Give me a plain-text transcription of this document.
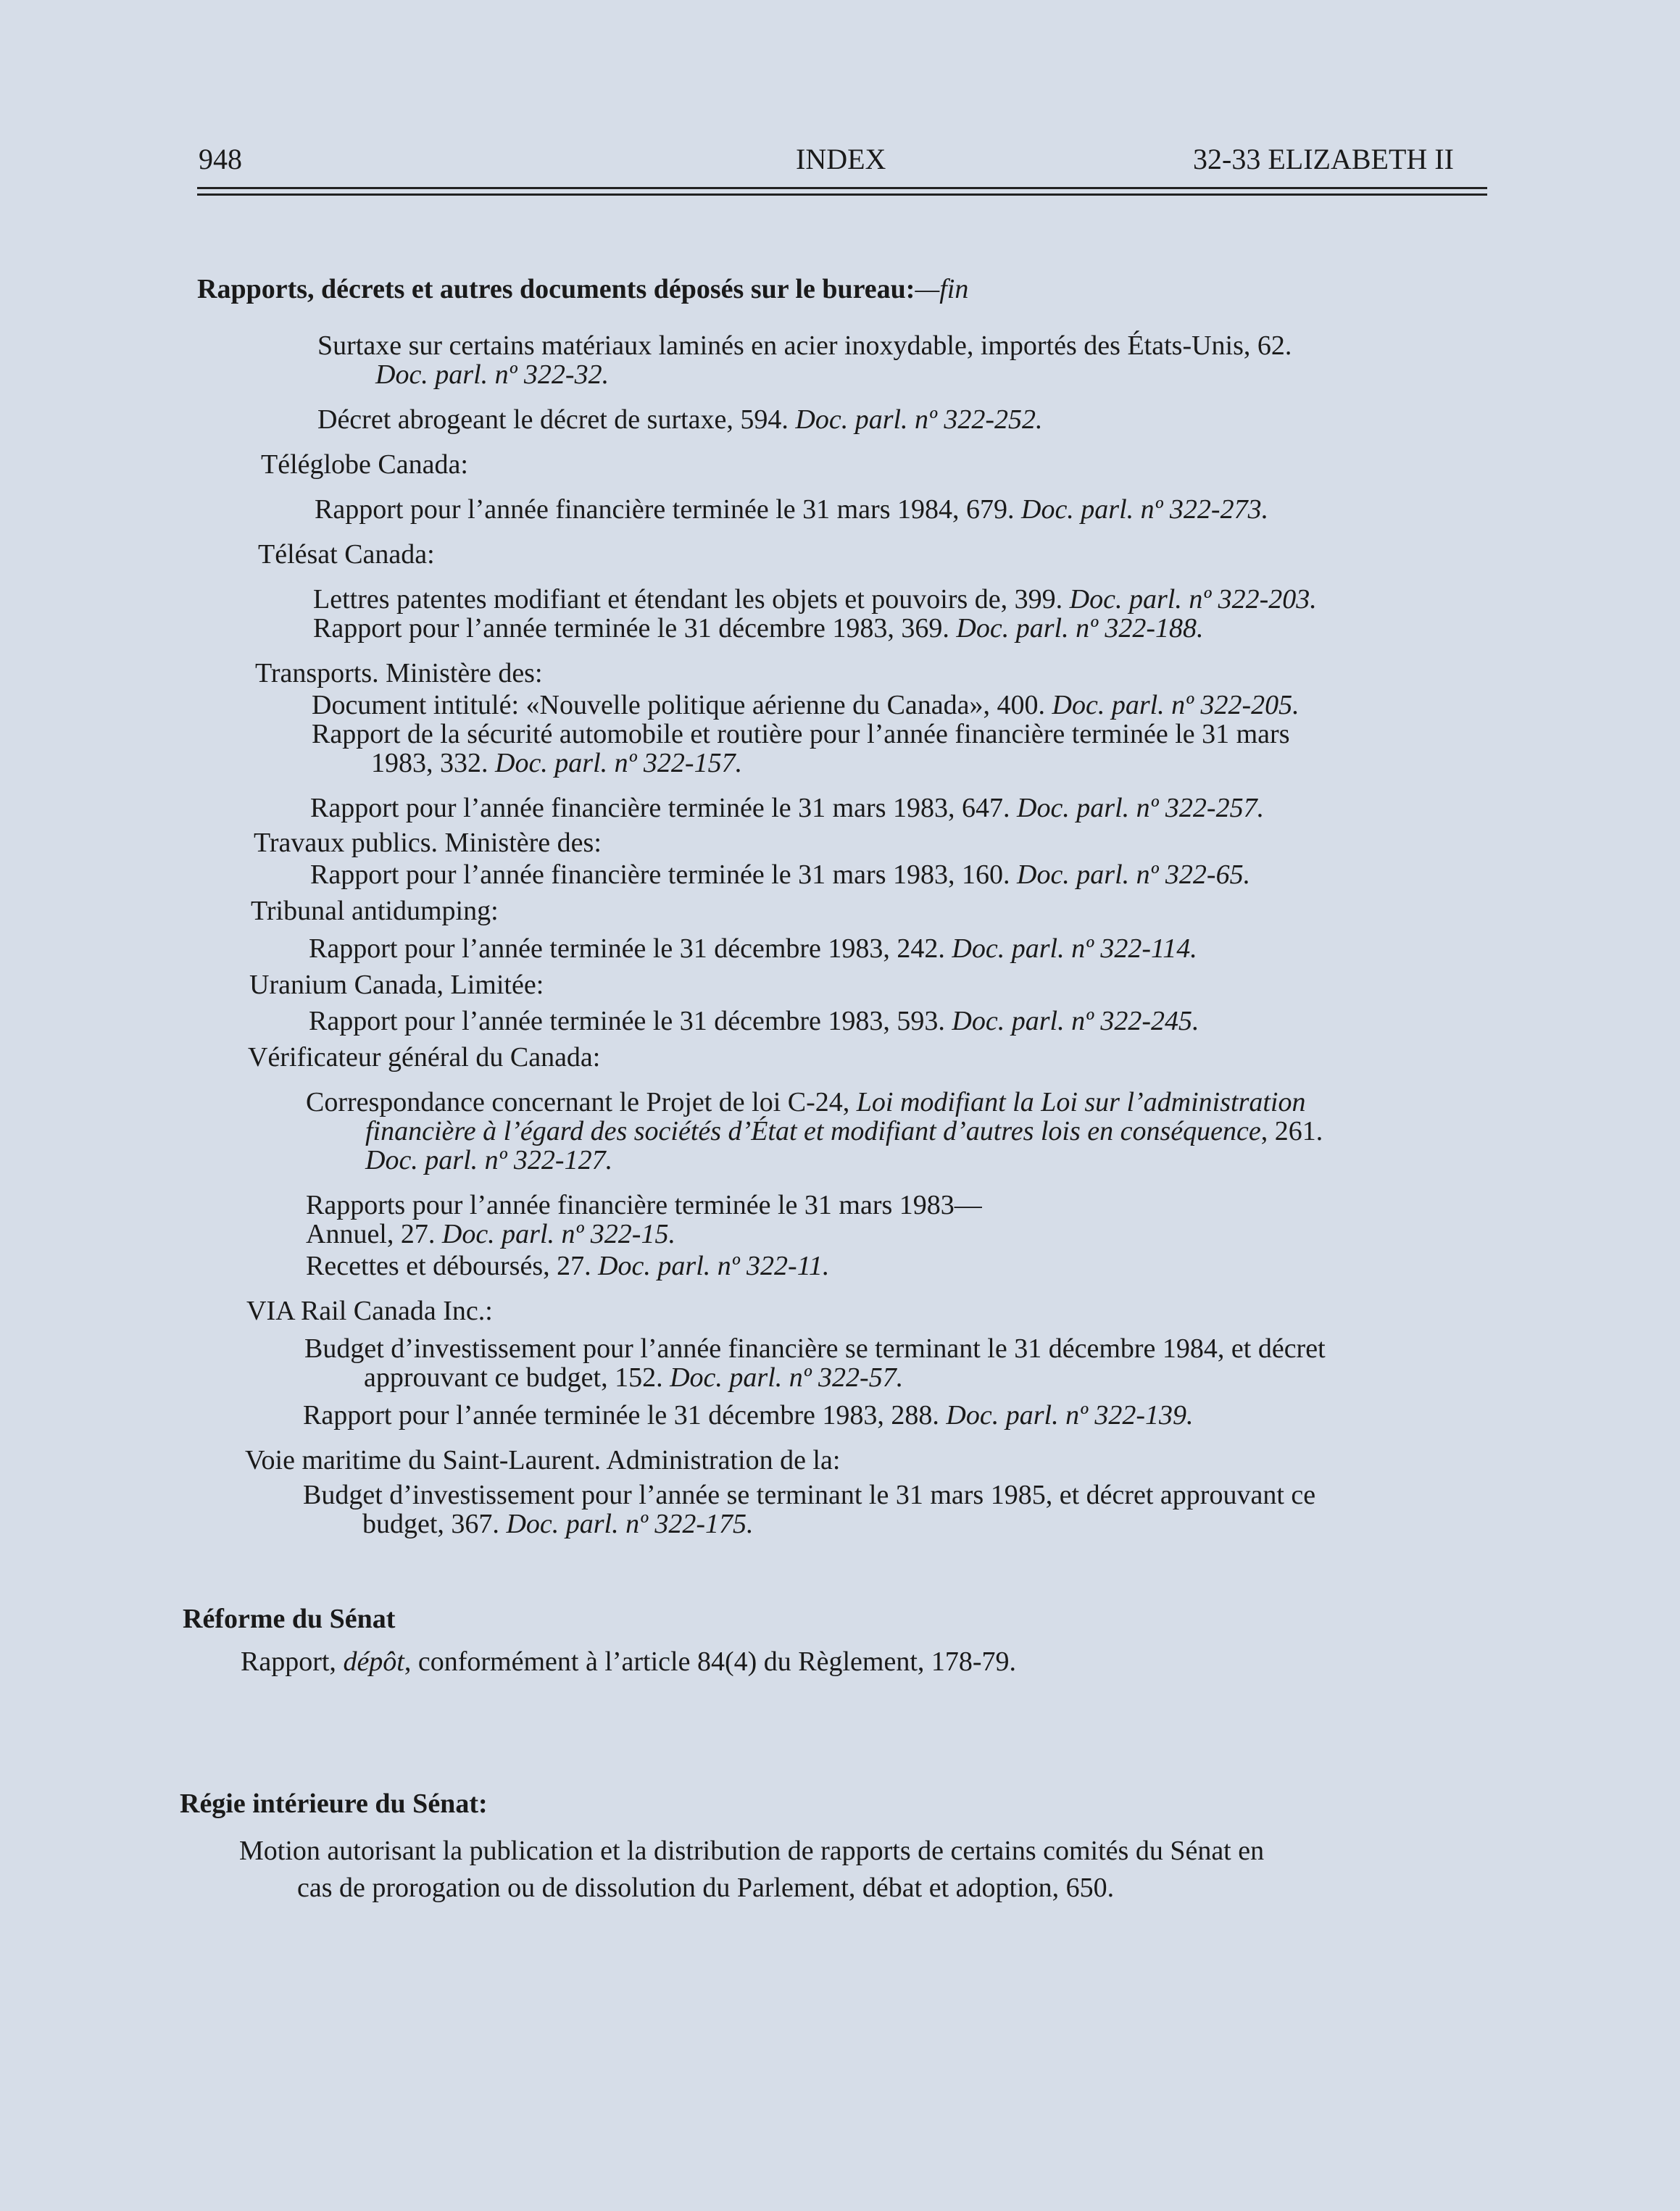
948	INDEX	32-33 ELIZABETH II
Rapports, décrets et autres documents déposés sur le bureau:—fin
Surtaxe sur certains matériaux laminés en acier inoxydable, importés des États-Unis, 62.
Doc. parl. nº 322-32.
Décret abrogeant le décret de surtaxe, 594. Doc. parl. nº 322-252.
Téléglobe Canada:
Rapport pour l’année financière terminée le 31 mars 1984, 679. Doc. parl. nº 322-273.
Télésat Canada:
Lettres patentes modifiant et étendant les objets et pouvoirs de, 399. Doc. parl. nº 322-203.
Rapport pour l’année terminée le 31 décembre 1983, 369. Doc. parl. nº 322-188.
Transports. Ministère des:
Document intitulé: «Nouvelle politique aérienne du Canada», 400. Doc. parl. nº 322-205.
Rapport de la sécurité automobile et routière pour l’année financière terminée le 31 mars
1983, 332. Doc. parl. nº 322-157.
Rapport pour l’année financière terminée le 31 mars 1983, 647. Doc. parl. nº 322-257.
Travaux publics. Ministère des:
Rapport pour l’année financière terminée le 31 mars 1983, 160. Doc. parl. nº 322-65.
Tribunal antidumping:
Rapport pour l’année terminée le 31 décembre 1983, 242. Doc. parl. nº 322-114.
Uranium Canada, Limitée:
Rapport pour l’année terminée le 31 décembre 1983, 593. Doc. parl. nº 322-245.
Vérificateur général du Canada:
Correspondance concernant le Projet de loi C-24, Loi modifiant la Loi sur l’administration
financière à l’égard des sociétés d’État et modifiant d’autres lois en conséquence, 261.
Doc. parl. nº 322-127.
Rapports pour l’année financière terminée le 31 mars 1983—
Annuel, 27. Doc. parl. nº 322-15.
Recettes et déboursés, 27. Doc. parl. nº 322-11.
VIA Rail Canada Inc.:
Budget d’investissement pour l’année financière se terminant le 31 décembre 1984, et décret
approuvant ce budget, 152. Doc. parl. nº 322-57.
Rapport pour l’année terminée le 31 décembre 1983, 288. Doc. parl. nº 322-139.
Voie maritime du Saint-Laurent. Administration de la:
Budget d’investissement pour l’année se terminant le 31 mars 1985, et décret approuvant ce
budget, 367. Doc. parl. nº 322-175.
Réforme du Sénat
Rapport, dépôt, conformément à l’article 84(4) du Règlement, 178-79.
Régie intérieure du Sénat:
Motion autorisant la publication et la distribution de rapports de certains comités du Sénat en
cas de prorogation ou de dissolution du Parlement, débat et adoption, 650.
